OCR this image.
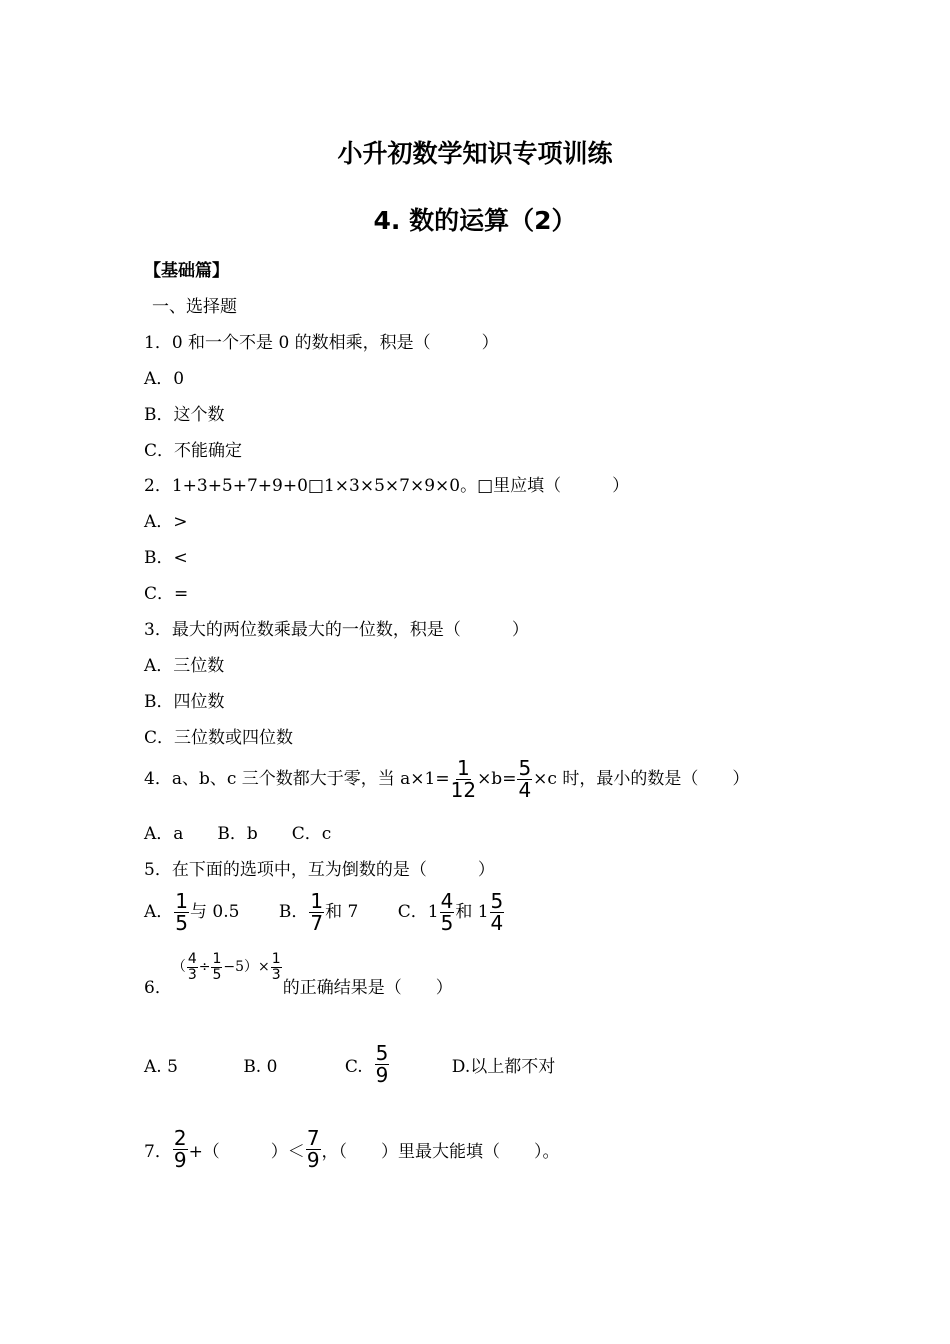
小升初数学知识专项训练
4. 数的运算（2）
【基础篇】
一、选择题
1．0 和一个不是 0 的数相乘，积是（　　　）
A．0
B．这个数
C．不能确定
2．1+3+5+7+9+0□1×3×5×7×9×0。□里应填（　　　）
A．>
B．<
C．=
3．最大的两位数乘最大的一位数，积是（　　　）
A．三位数
B．四位数
C．三位数或四位数
4．a、b、c 三个数都大于零，当 $a\times 1= \frac{1}{12} \times b= \frac{5}{4} \times c$ 时，最小的数是（　　）
A．a　　B．b　　C．c
5．在下面的选项中，互为倒数的是（　　　）
A． $\frac{1}{5}$ 与 0.5 B． $\frac{1}{7}$ 和 7 C．$1 \frac{4}{5}$ 和 $1 \frac{5}{4}$
6．（ $\frac{4}{3} \div \frac{1}{5} -5)\times \frac{1}{3}$
的正确结果是（　　）
A. 5	B. 0	C. $\frac{5}{9}$	D.以上都不对
7． $\frac{2}{9}$ +（　　　）＜ $\frac{7}{9}$ ，（　　）里最大能填（　　）。
